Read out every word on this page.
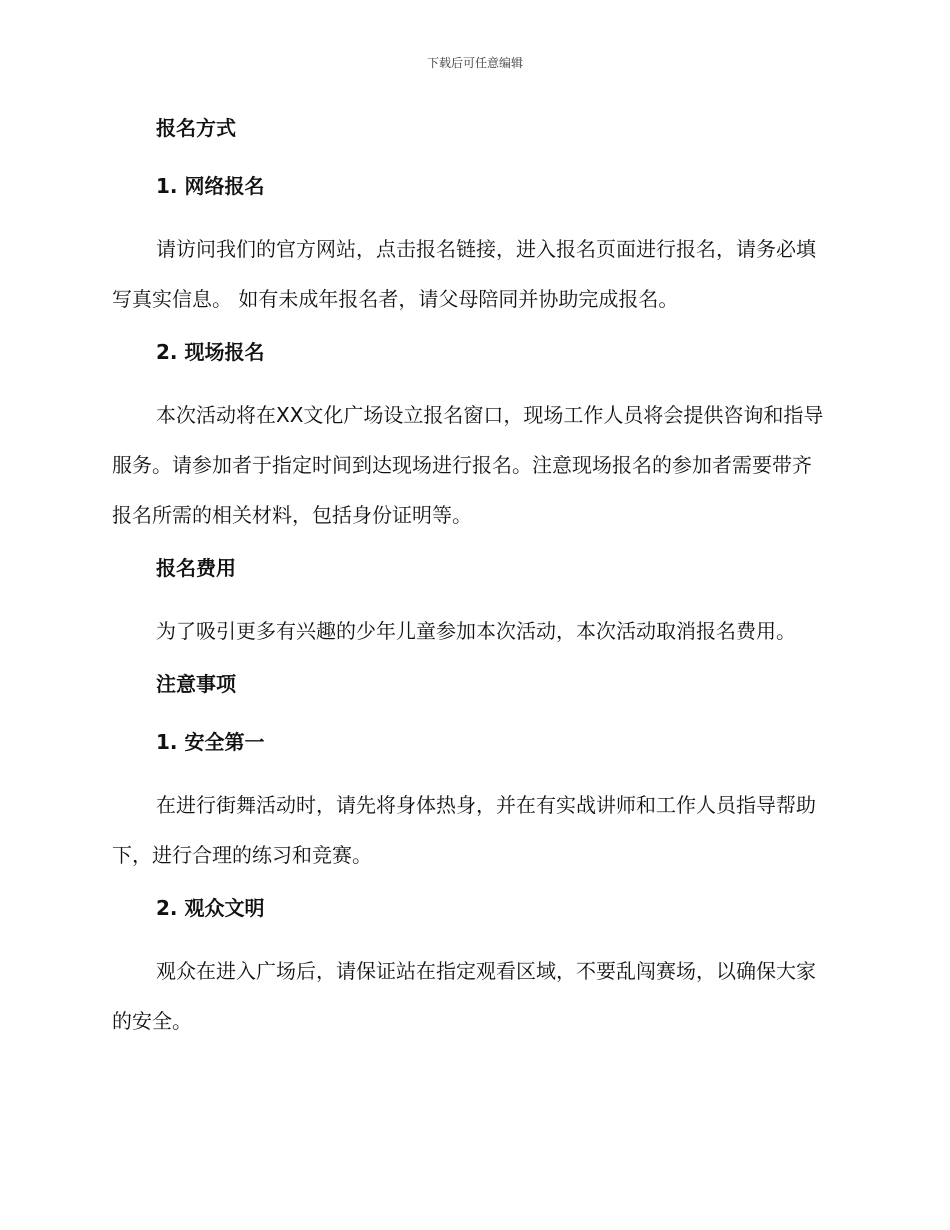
下载后可任意编辑
报名方式
1. 网络报名

请访问我们的官方网站，点击报名链接，进入报名页面进行报名，请务必填写真实信息。 如有未成年报名者，请父母陪同并协助完成报名。

2. 现场报名

本次活动将在XX文化广场设立报名窗口，现场工作人员将会提供咨询和指导服务。请参加者于指定时间到达现场进行报名。注意现场报名的参加者需要带齐报名所需的相关材料，包括身份证明等。

报名费用

为了吸引更多有兴趣的少年儿童参加本次活动，本次活动取消报名费用。

注意事项
1. 安全第一

在进行街舞活动时，请先将身体热身，并在有实战讲师和工作人员指导帮助下，进行合理的练习和竞赛。

2. 观众文明

观众在进入广场后，请保证站在指定观看区域，不要乱闯赛场，以确保大家的安全。
